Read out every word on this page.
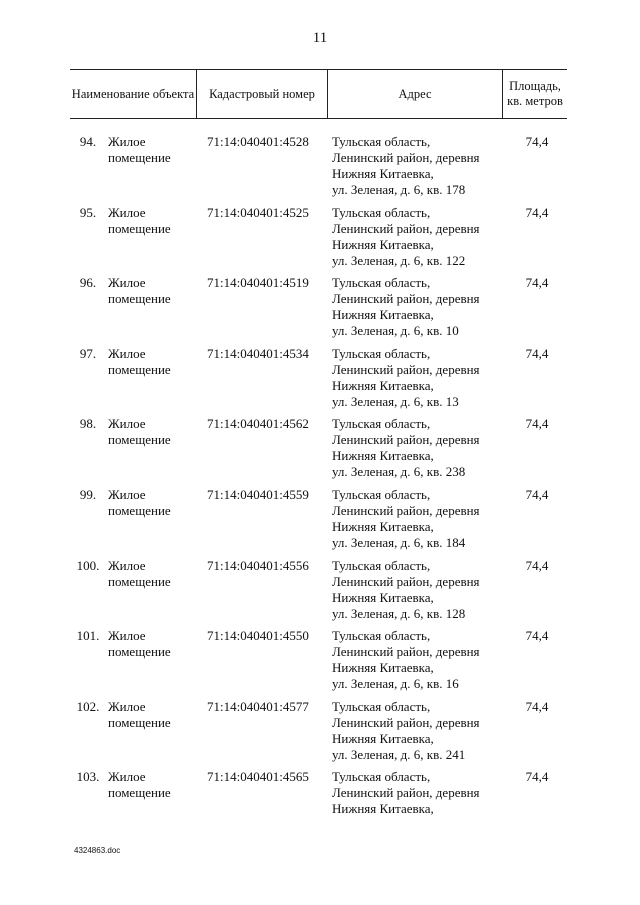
11
Наименование объекта	Кадастровый номер	Адрес
Площадь, кв. метров
94. Жилое помещение
71:14:040401:4528	Тульская область,
Ленинский район, деревня
Нижняя Китаевка,
ул. Зеленая, д. 6, кв. 178
74,4
95. Жилое помещение
71:14:040401:4525	Тульская область,
Ленинский район, деревня
Нижняя Китаевка,
ул. Зеленая, д. 6, кв. 122
74,4
96. Жилое помещение
71:14:040401:4519	Тульская область,
Ленинский район, деревня
Нижняя Китаевка,
ул. Зеленая, д. 6, кв. 10
74,4
97. Жилое помещение
71:14:040401:4534	Тульская область,
Ленинский район, деревня
Нижняя Китаевка,
ул. Зеленая, д. 6, кв. 13
74,4
98. Жилое помещение
71:14:040401:4562	Тульская область,
Ленинский район, деревня
Нижняя Китаевка,
ул. Зеленая, д. 6, кв. 238
74,4
99. Жилое помещение
71:14:040401:4559	Тульская область,
Ленинский район, деревня
Нижняя Китаевка,
ул. Зеленая, д. 6, кв. 184
74,4
100. Жилое помещение
71:14:040401:4556	Тульская область,
Ленинский район, деревня
Нижняя Китаевка,
ул. Зеленая, д. 6, кв. 128
74,4
101. Жилое помещение
71:14:040401:4550	Тульская область,
Ленинский район, деревня
Нижняя Китаевка,
ул. Зеленая, д. 6, кв. 16
74,4
102. Жилое помещение
71:14:040401:4577	Тульская область,
Ленинский район, деревня
Нижняя Китаевка,
ул. Зеленая, д. 6, кв. 241
74,4
103. Жилое помещение
71:14:040401:4565	Тульская область,
Ленинский район, деревня
Нижняя Китаевка,
74,4
4324863.doc
